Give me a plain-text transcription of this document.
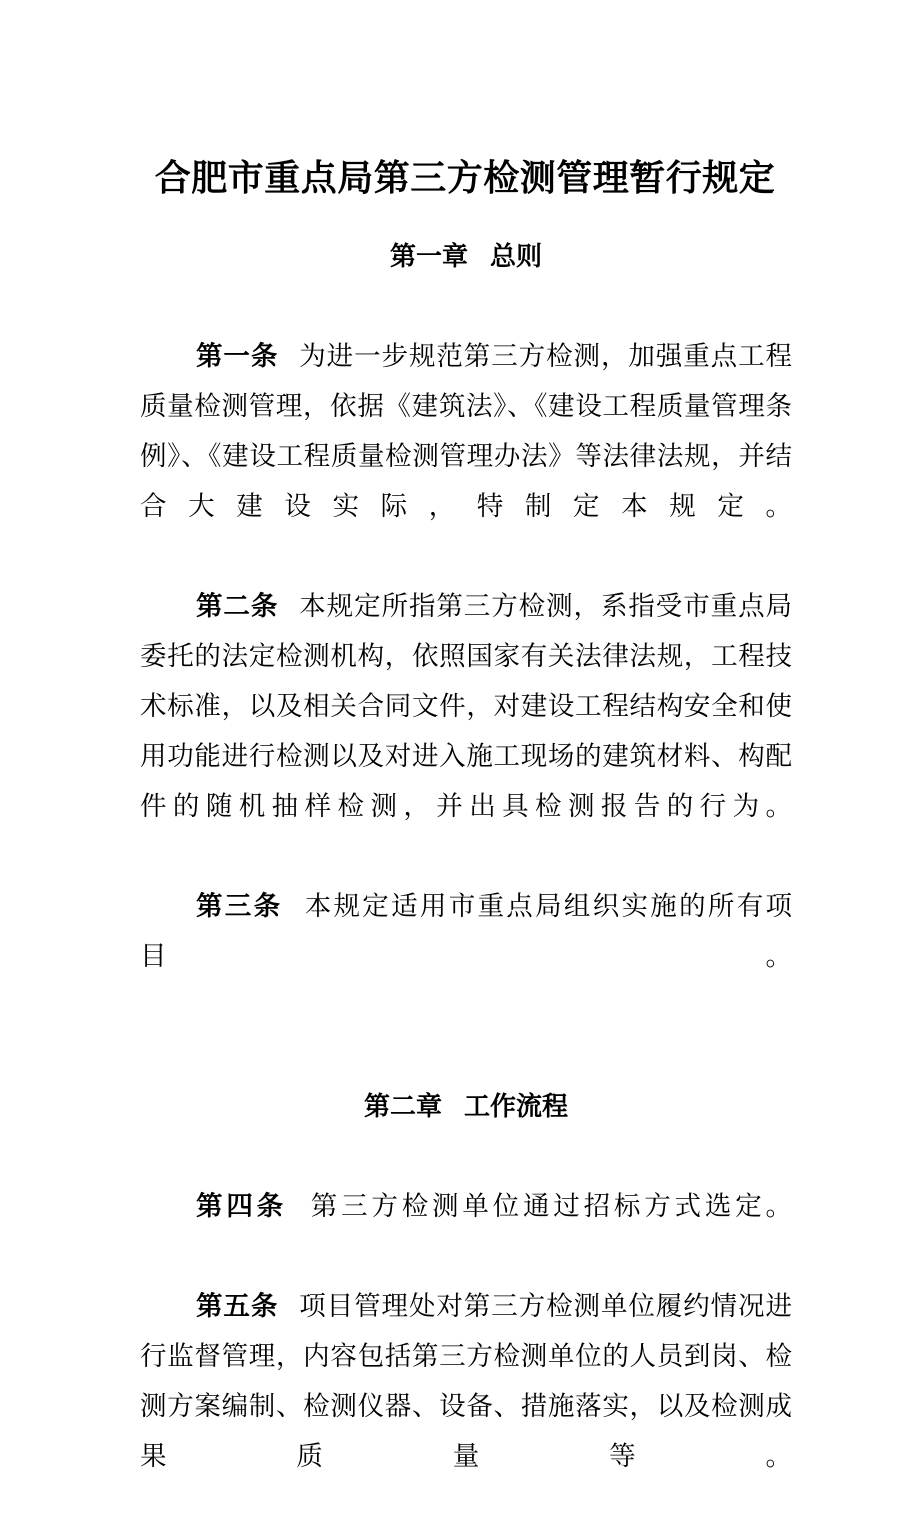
合肥市重点局第三方检测管理暂行规定
第一章 总则

第一条 为进一步规范第三方检测，加强重点工程质量检测管理，依据《建筑法》、《建设工程质量管理条例》、《建设工程质量检测管理办法》等法律法规，并结合大建设实际，特制定本规定。

第二条 本规定所指第三方检测，系指受市重点局委托的法定检测机构，依照国家有关法律法规，工程技术标准，以及相关合同文件，对建设工程结构安全和使用功能进行检测以及对进入施工现场的建筑材料、构配件的随机抽样检测，并出具检测报告的行为。

第三条 本规定适用市重点局组织实施的所有项目。

第二章 工作流程

第四条 第三方检测单位通过招标方式选定。

第五条 项目管理处对第三方检测单位履约情况进行监督管理，内容包括第三方检测单位的人员到岗、检测方案编制、检测仪器、设备、措施落实，以及检测成果质量等。
